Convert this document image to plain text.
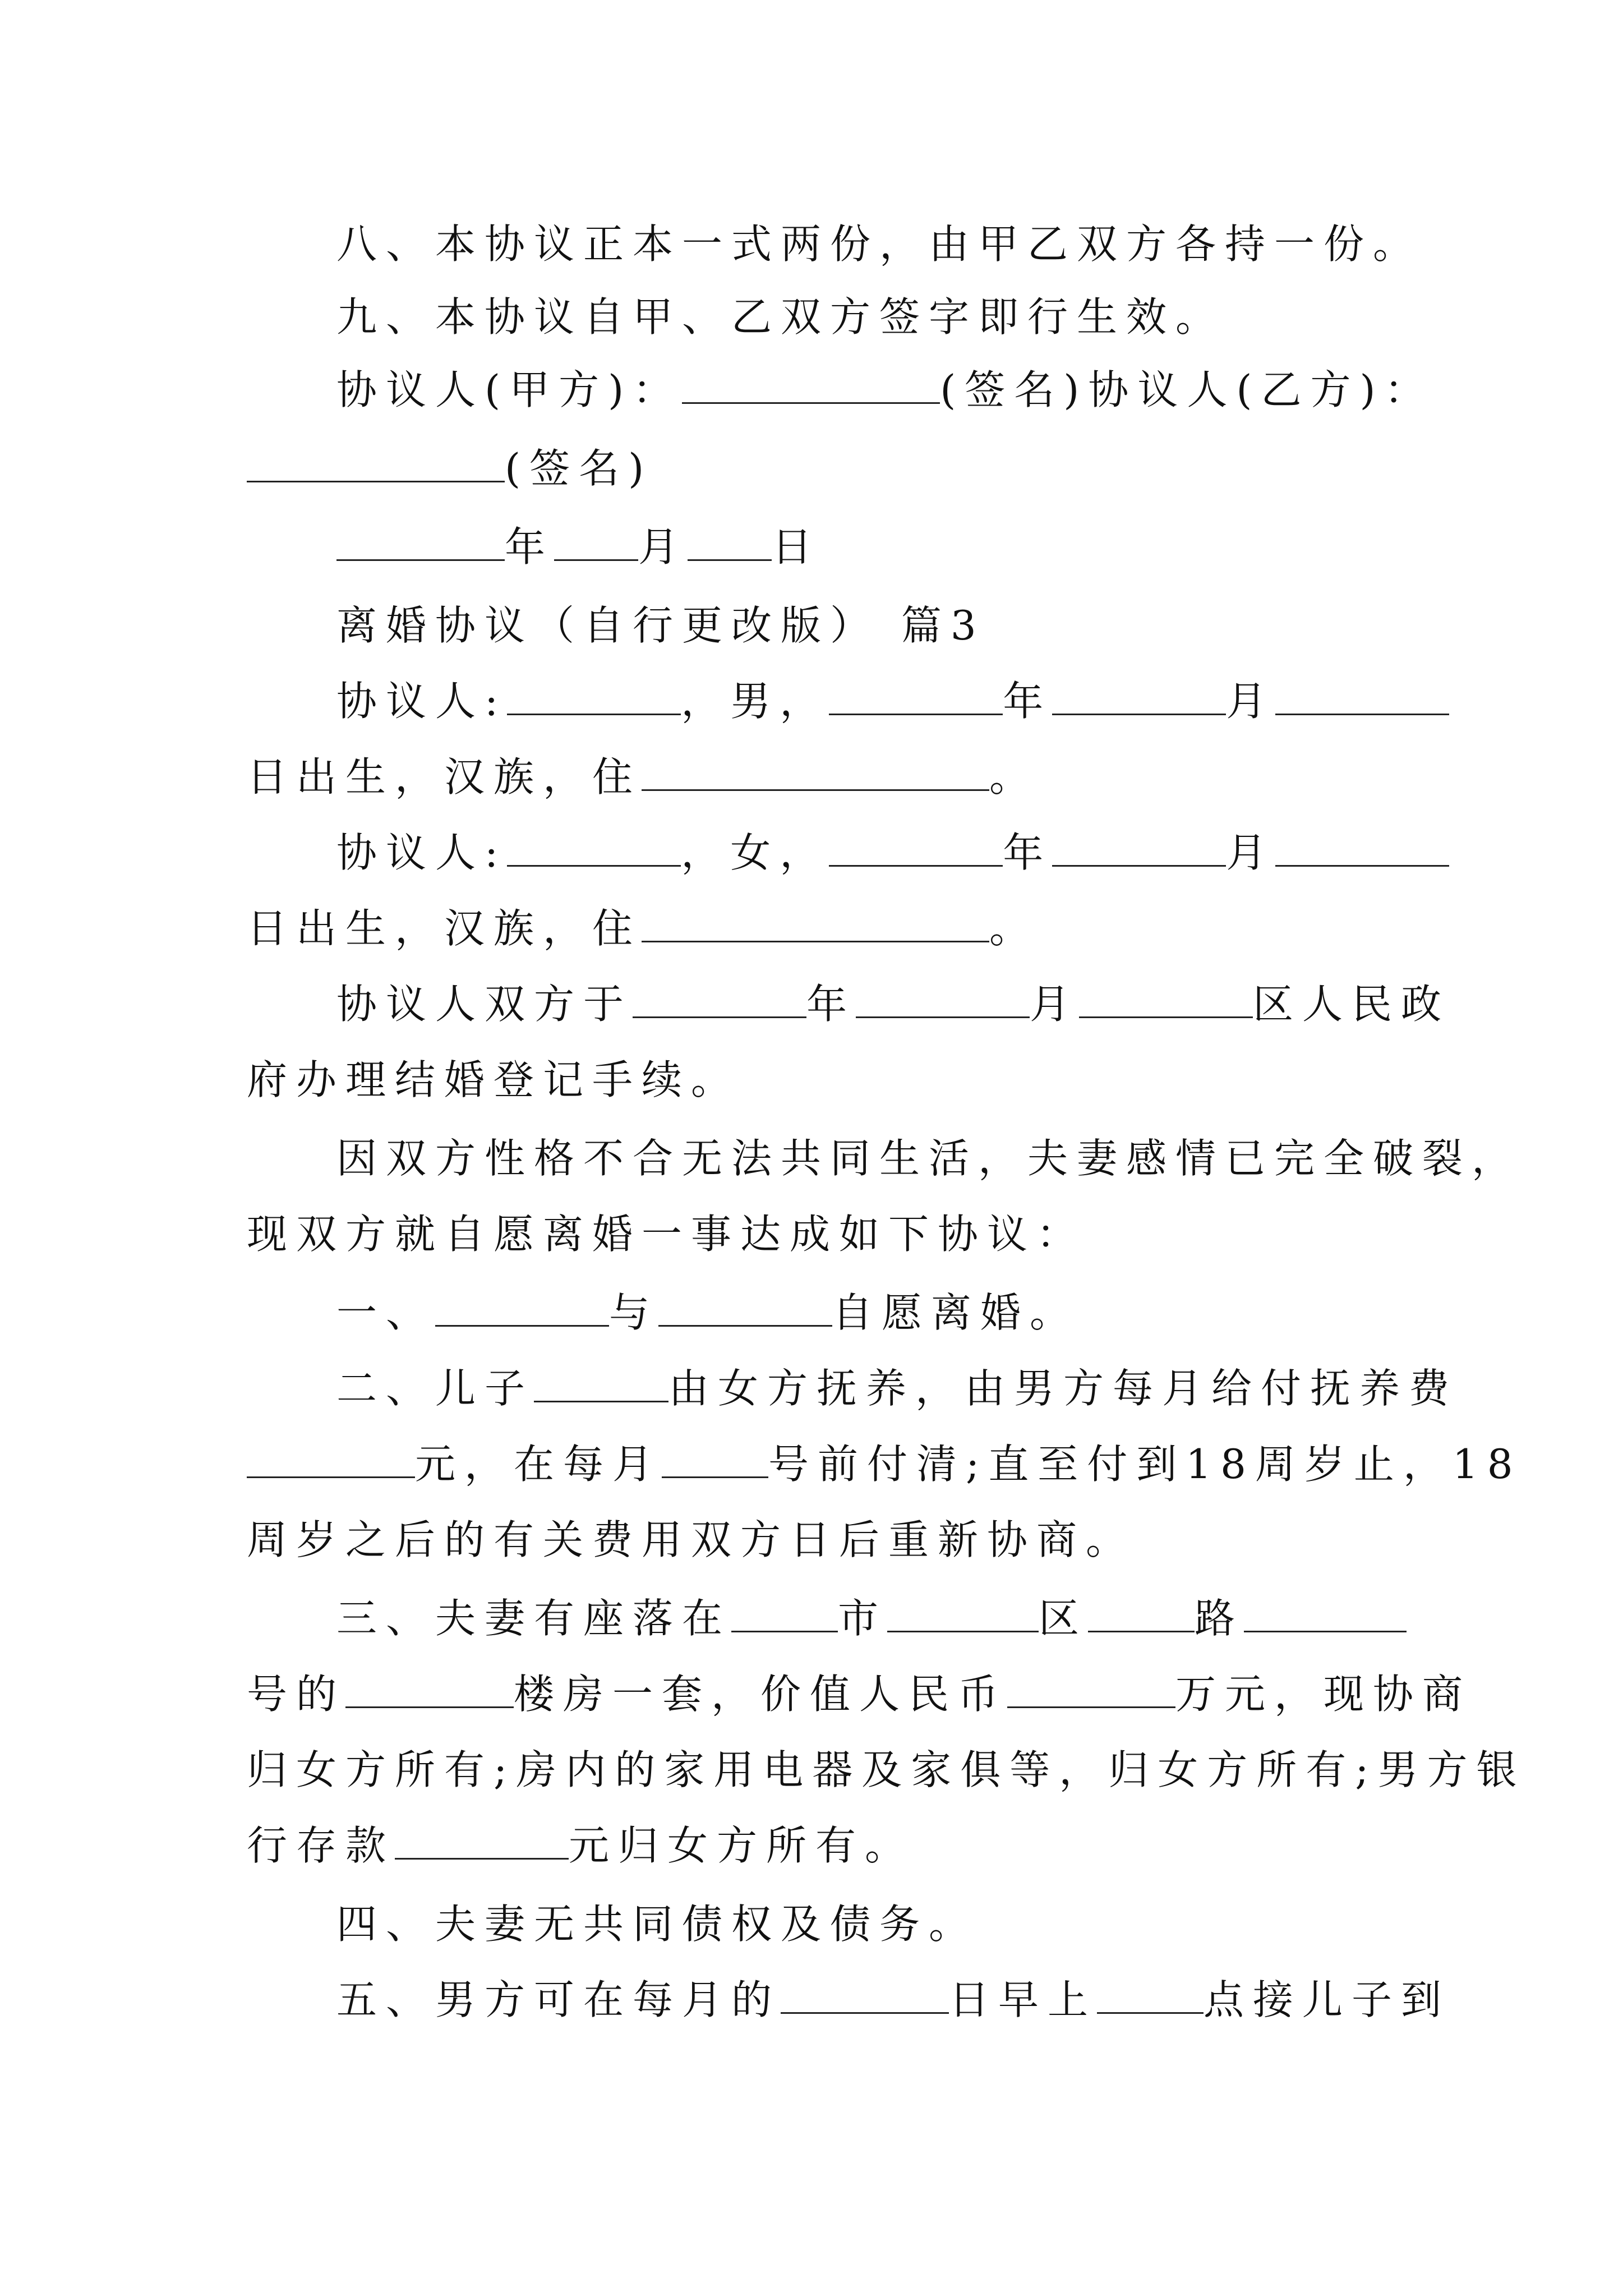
八、本协议正本一式两份，由甲乙双方各持一份。
九、本协议自甲、乙双方签字即行生效。
协议人(甲方)：	(签名)协议人(乙方)：
(签名)
年 月 日
离婚协议（自行更改版） 篇3
协议人:	，男，	年	月
日出生，汉族，住	。
协议人:	，女，	年	月
日出生，汉族，住	。
协议人双方于	年	月	区人民政
府办理结婚登记手续。
因双方性格不合无法共同生活，夫妻感情已完全破裂，
现双方就自愿离婚一事达成如下协议：
一、	与	自愿离婚。
二、儿子	由女方抚养，由男方每月给付抚养费
元，在每月	号前付清;直至付到18周岁止，18
周岁之后的有关费用双方日后重新协商。
三、夫妻有座落在	市	区	路
号的	楼房一套，价值人民币	万元，现协商
归女方所有;房内的家用电器及家俱等，归女方所有;男方银
行存款	元归女方所有。
四、夫妻无共同债权及债务。
五、男方可在每月的	日早上	点接儿子到
